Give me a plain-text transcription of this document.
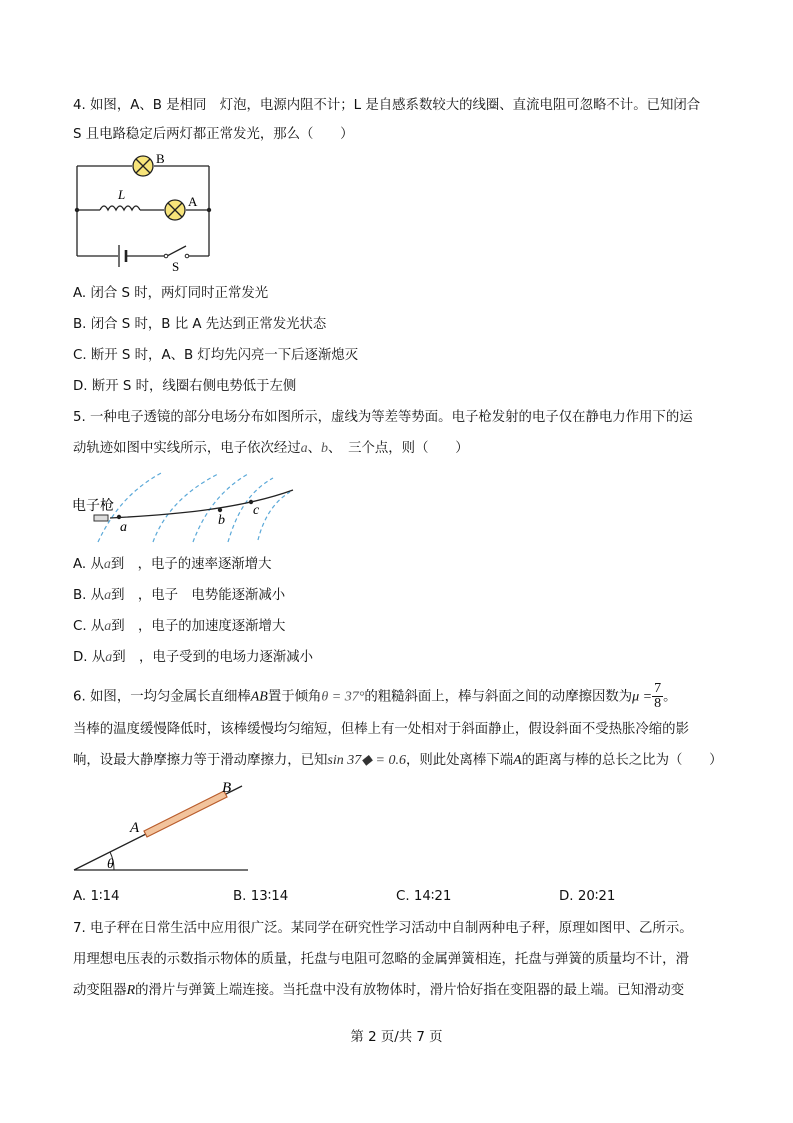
4. 如图，A、B 是相同　灯泡，电源内阻不计；L 是自感系数较大的线圈、直流电阻可忽略不计。已知闭合
S 且电路稳定后两灯都正常发光，那么（　　）
B
L	A
S
A. 闭合 S 时，两灯同时正常发光
B. 闭合 S 时，B 比 A 先达到正常发光状态
C. 断开 S 时，A、B 灯均先闪亮一下后逐渐熄灭
D. 断开 S 时，线圈右侧电势低于左侧
5. 一种电子透镜的部分电场分布如图所示，虚线为等差等势面。电子枪发射的电子仅在静电力作用下的运
动轨迹如图中实线所示，电子依次经过a、b、　三个点，则（　　）
电子枪
a	b
c
A. 从a到　，电子的速率逐渐增大
B. 从a到　，电子　电势能逐渐减小
C. 从a到　，电子的加速度逐渐增大
D. 从a到　，电子受到的电场力逐渐减小
6. 如图，一均匀金属长直细棒AB置于倾角θ = 37°的粗糙斜面上，棒与斜面之间的动摩擦因数为$\mu = \frac{7}{8}$ 。
当棒的温度缓慢降低时，该棒缓慢均匀缩短，但棒上有一处相对于斜面静止，假设斜面不受热胀冷缩的影
响，设最大静摩擦力等于滑动摩擦力，已知sin 37◆ = 0.6，则此处离棒下端A的距离与棒的总长之比为（　　）
A
B
θ
A. 1∶14	B. 13∶14	C. 14∶21	D. 20∶21
7. 电子秤在日常生活中应用很广泛。某同学在研究性学习活动中自制两种电子秤，原理如图甲、乙所示。
用理想电压表的示数指示物体的质量，托盘与电阻可忽略的金属弹簧相连，托盘与弹簧的质量均不计，滑
动变阻器R的滑片与弹簧上端连接。当托盘中没有放物体时，滑片恰好指在变阻器的最上端。已知滑动变
第 2 页/共 7 页
